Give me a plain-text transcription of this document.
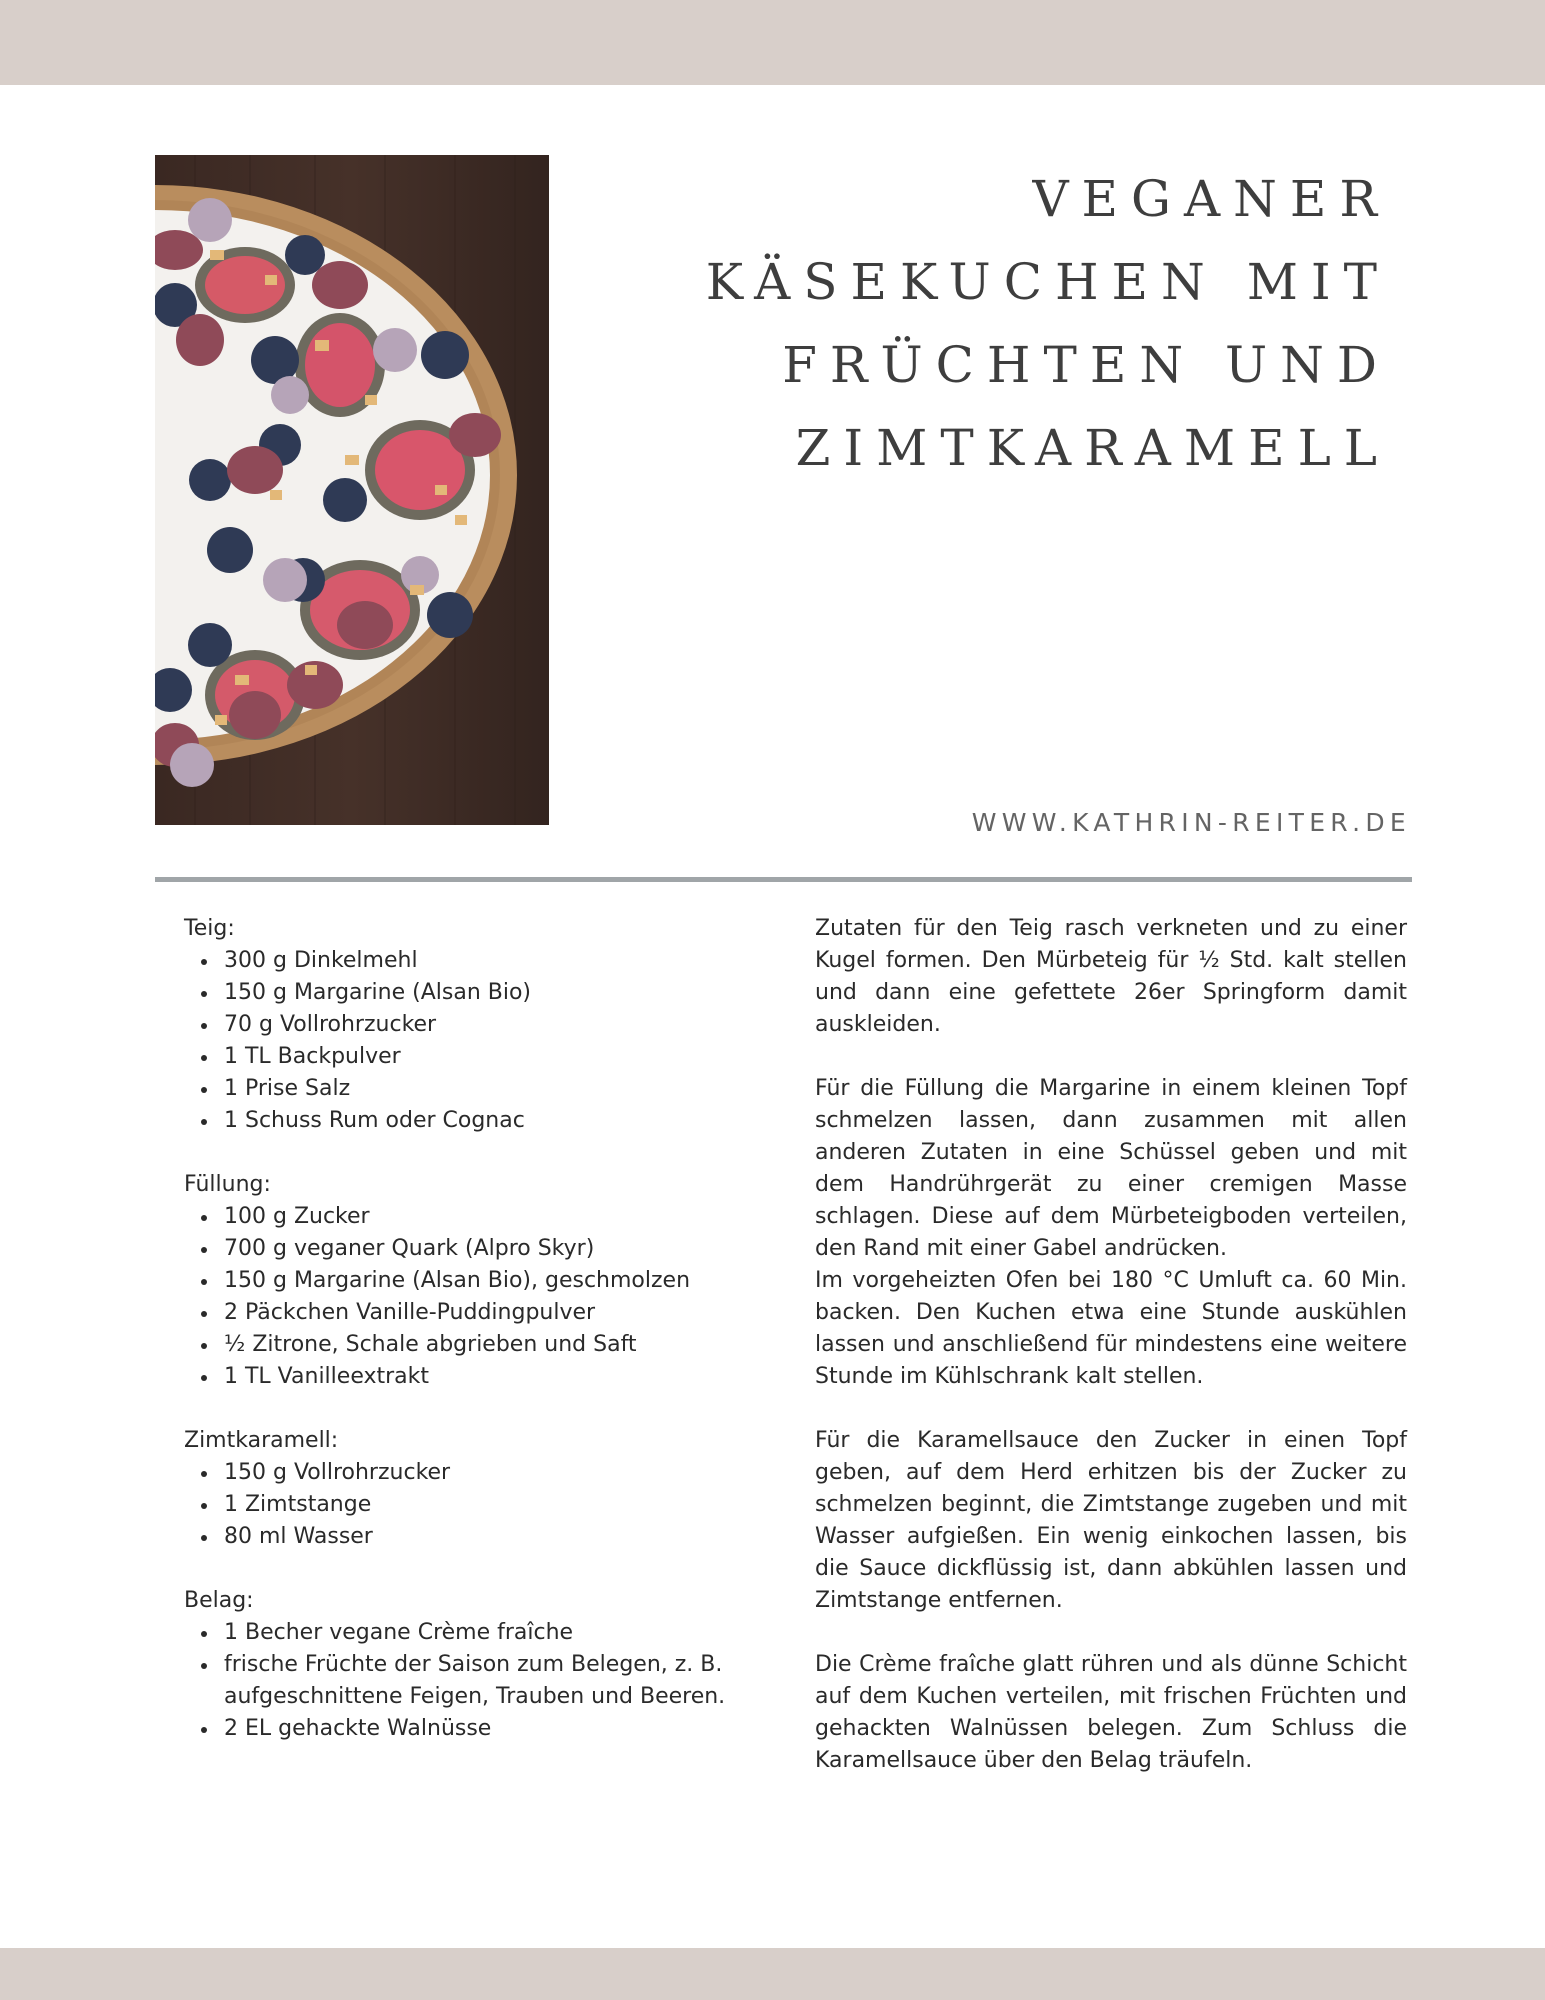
VEGANER
KÄSEKUCHEN MIT
FRÜCHTEN UND
ZIMTKARAMELL
WWW.KATHRIN-REITER.DE
Teig:
300 g Dinkelmehl
150 g Margarine (Alsan Bio)
70 g Vollrohrzucker
1 TL Backpulver
1 Prise Salz
1 Schuss Rum oder Cognac
Füllung:
100 g Zucker
700 g veganer Quark (Alpro Skyr)
150 g Margarine (Alsan Bio), geschmolzen
2 Päckchen Vanille-Puddingpulver
½ Zitrone, Schale abgrieben und Saft
1 TL Vanilleextrakt
Zimtkaramell:
150 g Vollrohrzucker
1 Zimtstange
80 ml Wasser
Belag:
1 Becher vegane Crème fraîche
frische Früchte der Saison zum Belegen, z. B. aufgeschnittene Feigen, Trauben und Beeren.
2 EL gehackte Walnüsse

Zutaten für den Teig rasch verkneten und zu einer Kugel formen. Den Mürbeteig für ½ Std. kalt stellen und dann eine gefettete 26er Springform damit auskleiden.

Für die Füllung die Margarine in einem kleinen Topf schmelzen lassen, dann zusammen mit allen anderen Zutaten in eine Schüssel geben und mit dem Handrührgerät zu einer cremigen Masse schlagen. Diese auf dem Mürbeteigboden verteilen, den Rand mit einer Gabel andrücken.

Im vorgeheizten Ofen bei 180 °C Umluft ca. 60 Min. backen. Den Kuchen etwa eine Stunde auskühlen lassen und anschließend für mindestens eine weitere Stunde im Kühlschrank kalt stellen.

Für die Karamellsauce den Zucker in einen Topf geben, auf dem Herd erhitzen bis der Zucker zu schmelzen beginnt, die Zimtstange zugeben und mit Wasser aufgießen. Ein wenig einkochen lassen, bis die Sauce dickflüssig ist, dann abkühlen lassen und Zimtstange entfernen.

Die Crème fraîche glatt rühren und als dünne Schicht auf dem Kuchen verteilen, mit frischen Früchten und gehackten Walnüssen belegen. Zum Schluss die Karamellsauce über den Belag träufeln.
